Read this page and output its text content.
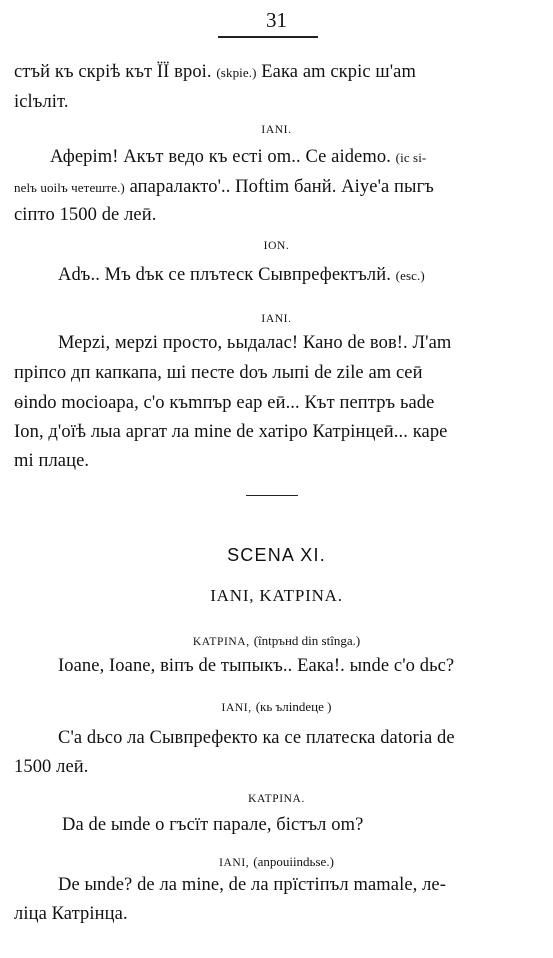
31
стъй къ скріѣ кът ÏÏ вроі. (skpie.) Еака am скріс ш'am
ісlълiт.
IANI.
Аферim! Акът ведо къ есті om.. Се aidemo. (ic si-
nelъ uоіlъ четеште.) апаралакто'.. Поftim банй. Aiye'a пыгъ
сіпто 1500 de леӣ.
ION.
Adъ.. Мъ dък се плътеск Сывпрефектълй. (esc.)
IANI.
Мерzi, мерzi просто, ьыдалас! Кано de вов!. Л'am
пріпсо дп капкапа, ші песте doъ лыпі de zile am ceӣ
ѳindo mocioара, с'о къmпър еар еӣ... Кът пептръ ьаde
Ion, д'оїѣ лыа аргат ла mine de хатіро Катрінцеӣ... каре
mi плаце.
SCENA XI.
IANI, KATPINA.
KATPINA, (întрънd din stînga.)
Ioane, Ioane, віпъ de тыпыкъ.. Еака!. ыnde с'о dьс?
IANI, (кь ълindеце )
С'а dьсо ла Сывпрефекто ка се платеска datoria de
1500 леӣ.
KATPINA.
Da de ыnde о гъсїт парале, бiстъл оm?
IANI, (anpouiindьse.)
De ыnde? de ла mine, de ла прїстiпъл mamale, лe-
ліца Катрінца.
